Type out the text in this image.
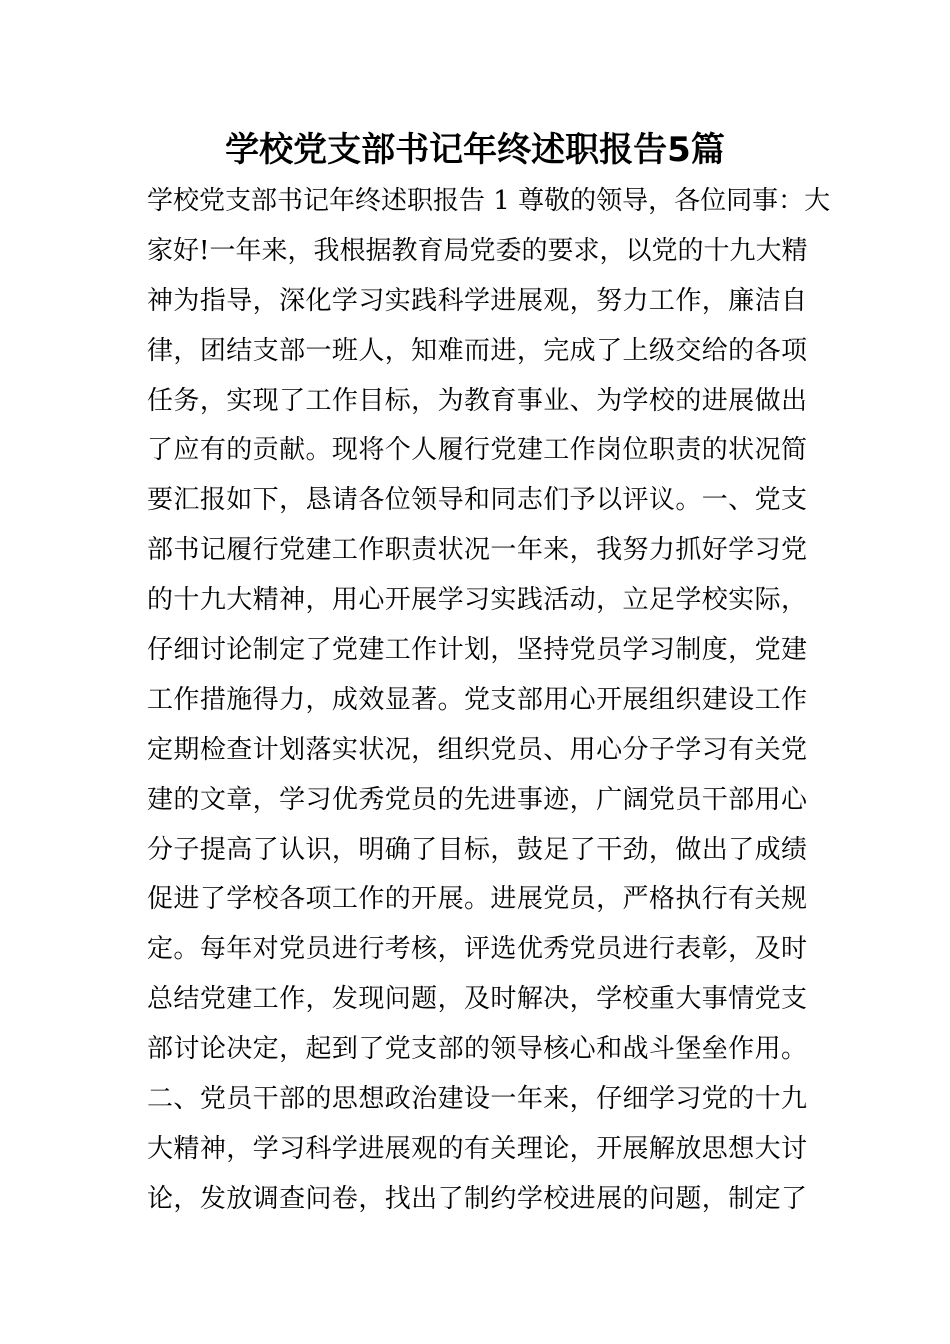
学校党支部书记年终述职报告5篇
学校党支部书记年终述职报告 1 尊敬的领导，各位同事：大
家好!一年来，我根据教育局党委的要求，以党的十九大精
神为指导，深化学习实践科学进展观，努力工作，廉洁自
律，团结支部一班人，知难而进，完成了上级交给的各项
任务，实现了工作目标，为教育事业、为学校的进展做出
了应有的贡献。现将个人履行党建工作岗位职责的状况简
要汇报如下，恳请各位领导和同志们予以评议。一、党支
部书记履行党建工作职责状况一年来，我努力抓好学习党
的十九大精神，用心开展学习实践活动，立足学校实际，
仔细讨论制定了党建工作计划，坚持党员学习制度，党建
工作措施得力，成效显著。党支部用心开展组织建设工作
定期检查计划落实状况，组织党员、用心分子学习有关党
建的文章，学习优秀党员的先进事迹，广阔党员干部用心
分子提高了认识，明确了目标，鼓足了干劲，做出了成绩
促进了学校各项工作的开展。进展党员，严格执行有关规
定。每年对党员进行考核，评选优秀党员进行表彰，及时
总结党建工作，发现问题，及时解决，学校重大事情党支
部讨论决定，起到了党支部的领导核心和战斗堡垒作用。
二、党员干部的思想政治建设一年来，仔细学习党的十九
大精神，学习科学进展观的有关理论，开展解放思想大讨
论，发放调查问卷，找出了制约学校进展的问题，制定了
